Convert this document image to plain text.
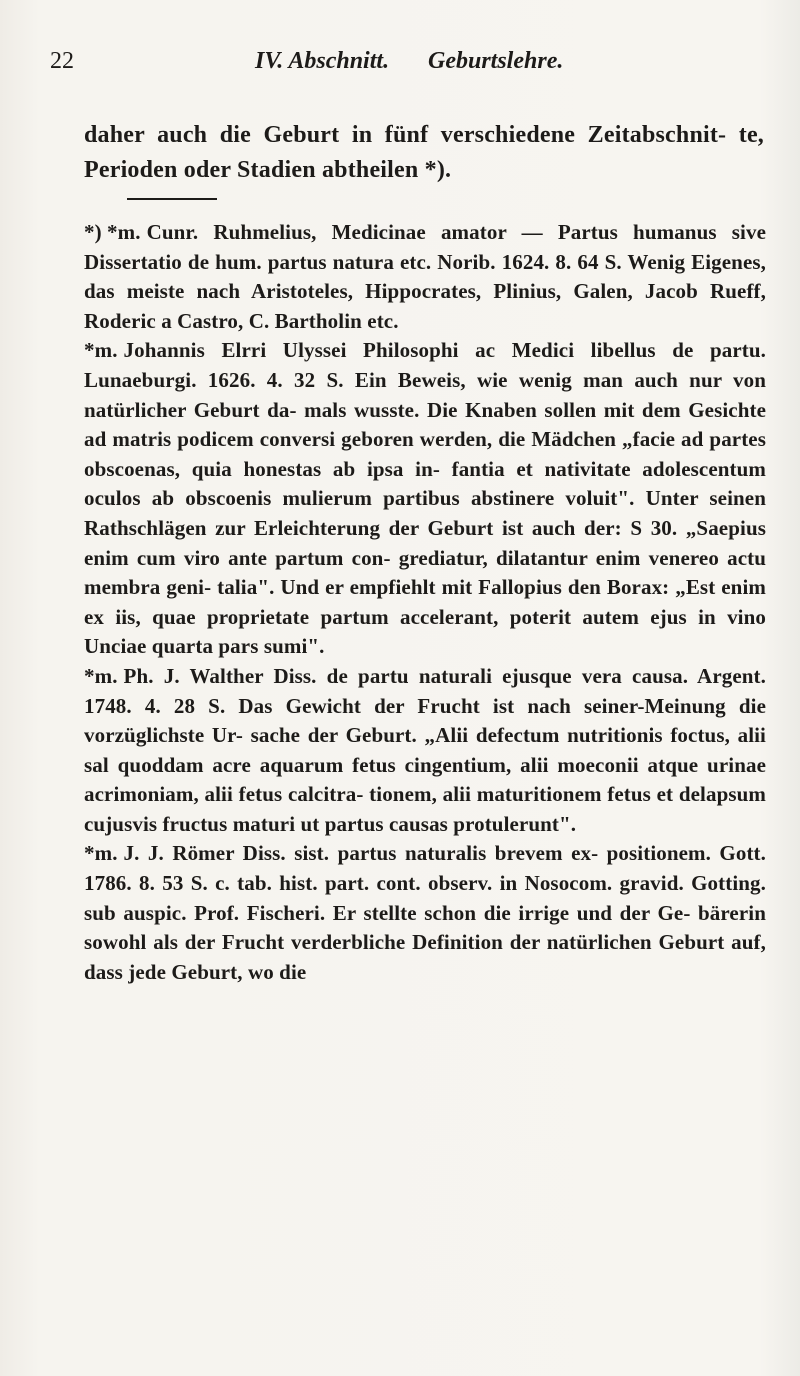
22	IV. Abschnitt. Geburtslehre.
daher auch die Geburt in fünf verschiedene Zeitabschnit- te, Perioden oder Stadien abtheilen *).

*) *m. Cunr. Ruhmelius, Medicinae amator — Partus humanus sive Dissertatio de hum. partus natura etc. Norib. 1624. 8. 64 S. Wenig Eigenes, das meiste nach Aristoteles, Hippocrates, Plinius, Galen, Jacob Rueff, Roderic a Castro, C. Bartholin etc.

*m. Johannis Elrri Ulyssei Philosophi ac Medici libellus de partu. Lunaeburgi. 1626. 4. 32 S. Ein Beweis, wie wenig man auch nur von natürlicher Geburt da- mals wusste. Die Knaben sollen mit dem Gesichte ad matris podicem conversi geboren werden, die Mädchen „facie ad partes obscoenas, quia honestas ab ipsa in- fantia et nativitate adolescentum oculos ab obscoenis mulierum partibus abstinere voluit". Unter seinen Rathschlägen zur Erleichterung der Geburt ist auch der: S 30. „Saepius enim cum viro ante partum con- grediatur, dilatantur enim venereo actu membra geni- talia". Und er empfiehlt mit Fallopius den Borax: „Est enim ex iis, quae proprietate partum accelerant, poterit autem ejus in vino Unciae quarta pars sumi".

*m. Ph. J. Walther Diss. de partu naturali ejusque vera causa. Argent. 1748. 4. 28 S. Das Gewicht der Frucht ist nach seiner-Meinung die vorzüglichste Ur- sache der Geburt. „Alii defectum nutritionis foctus, alii sal quoddam acre aquarum fetus cingentium, alii moeconii atque urinae acrimoniam, alii fetus calcitra- tionem, alii maturitionem fetus et delapsum cujusvis fructus maturi ut partus causas protulerunt".

*m. J. J. Römer Diss. sist. partus naturalis brevem ex- positionem. Gott. 1786. 8. 53 S. c. tab. hist. part. cont. observ. in Nosocom. gravid. Gotting. sub auspic. Prof. Fischeri. Er stellte schon die irrige und der Ge- bärerin sowohl als der Frucht verderbliche Definition der natürlichen Geburt auf, dass jede Geburt, wo die
